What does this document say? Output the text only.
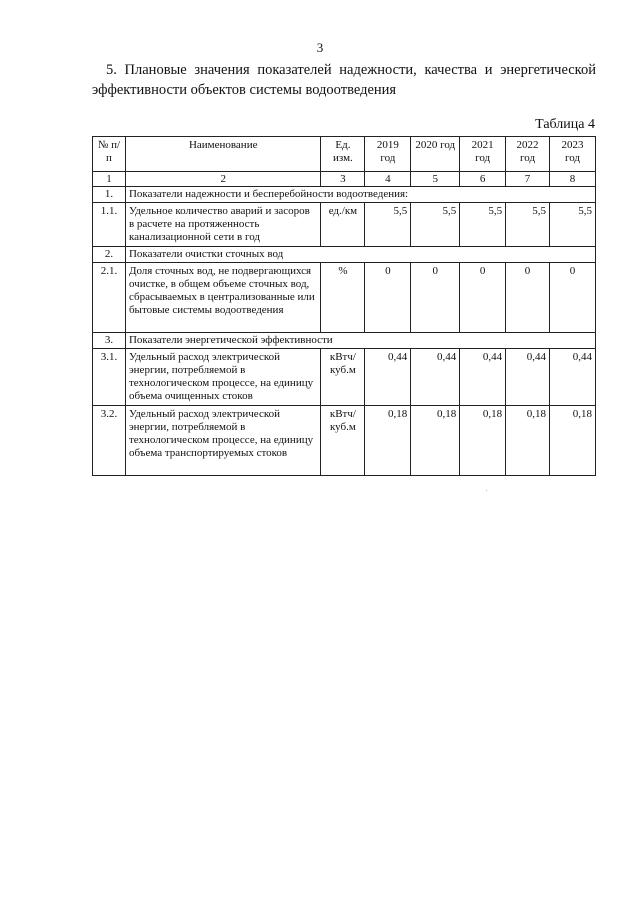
3
5. Плановые значения показателей надежности, качества и энергетической эффективности объектов системы водоотведения
Таблица 4
№ п/п	Наименование	Ед. изм.	2019 год	2020 год	2021 год	2022 год	2023 год
1	2	3	4	5	6	7	8
1.	Показатели надежности и бесперебойности водоотведения:						
1.1.	Удельное количество аварий и засоров в расчете на протяженность канализационной сети в год	ед./км	5,5	5,5	5,5	5,5	5,5
2.	Показатели очистки сточных вод						
2.1.	Доля сточных вод, не подвергающихся очистке, в общем объеме сточных вод, сбрасываемых в централизованные или бытовые системы водоотведения	%	0	0	0	0	0
3.	Показатели энергетической эффективности						
3.1.	Удельный расход электрической энергии, потребляемой в технологическом процессе, на единицу объема очищенных стоков	кВтч/ куб.м	0,44	0,44	0,44	0,44	0,44
3.2.	Удельный расход электрической энергии, потребляемой в технологическом процессе, на единицу объема транспортируемых стоков	кВтч/ куб.м	0,18	0,18	0,18	0,18	0,18
